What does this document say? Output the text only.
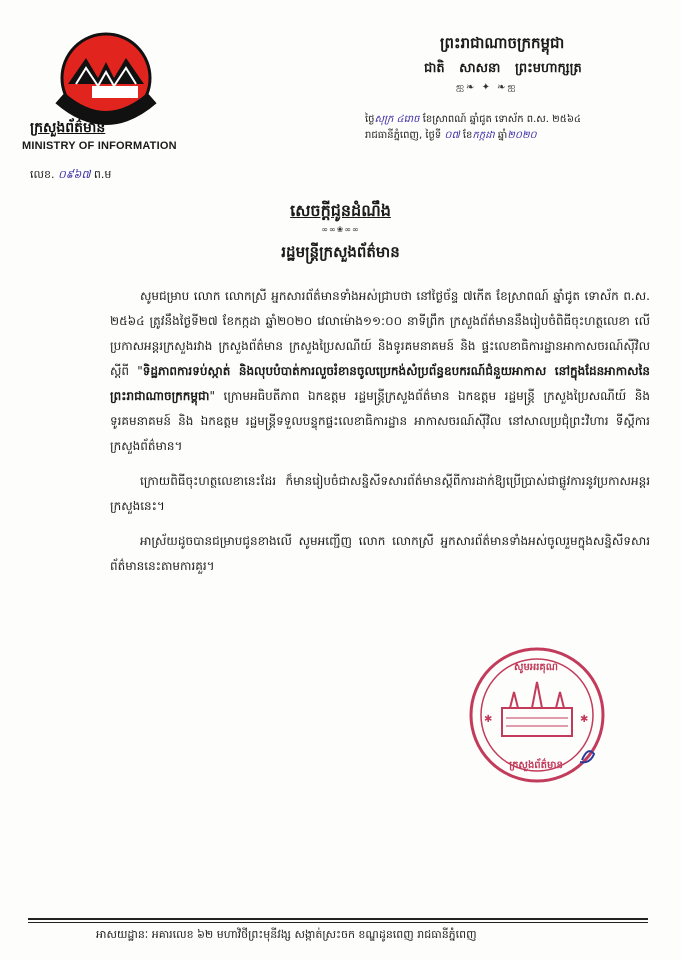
ក្រសួងព័ត៌មាន
MINISTRY OF INFORMATION
លេខ. ០៩៦៧ ព.ម
ព្រះរាជាណាចក្រកម្ពុជា
ជាតិ សាសនា ព្រះមហាក្សត្រ
ஐ❧ ✦ ❧ஐ
ថ្ងៃសុក្រ ៤រោច ខែស្រាពណ៍ ឆ្នាំជូត ទោស័ក ព.ស. ២៥៦៤
រាជធានីភ្នំពេញ, ថ្ងៃទី ០៧ ខែកក្កដា ឆ្នាំ២០២០
សេចក្ដីជូនដំណឹង
∞∞❀∞∞
រដ្ឋមន្ត្រីក្រសួងព័ត៌មាន

សូមជម្រាប លោក លោកស្រី អ្នកសារព័ត៌មានទាំងអស់ជ្រាបថា នៅថ្ងៃច័ន្ទ ៧កើត ខែស្រាពណ៍ ឆ្នាំជូត ទោស័ក ព.ស. ២៥៦៤ ត្រូវនឹងថ្ងៃទី២៧ ខែកក្កដា ឆ្នាំ២០២០ វេលាម៉ោង១១:០០ នាទីព្រឹក ក្រសួងព័ត៌មាននឹងរៀបចំពិធីចុះហត្ថលេខា លើប្រកាសអន្តរក្រសួងរវាង ក្រសួងព័ត៌មាន ក្រសួងប្រៃសណីយ៍ និងទូរគមនាគមន៍ និង ផ្ទះលេខាធិការដ្ឋានអាកាសចរណ៍ស៊ីវិល ស្ដីពី "ទិដ្ឋភាពការទប់ស្កាត់ និងលុបបំបាត់ការលួចរំខានចូលប្រេកង់សំប្រព័ន្ធឧបករណ៍ជំនួយអាកាស នៅក្នុងដែនអាកាសនៃព្រះរាជាណាចក្រកម្ពុជា" ក្រោមអធិបតីភាព ឯកឧត្ដម រដ្ឋមន្ត្រីក្រសួងព័ត៌មាន ឯកឧត្ដម រដ្ឋមន្ត្រី ក្រសួងប្រៃសណីយ៍ និងទូរគមនាគមន៍ និង ឯកឧត្ដម រដ្ឋមន្ត្រីទទួលបន្ទុកផ្ទះលេខាធិការដ្ឋាន អាកាសចរណ៍ស៊ីវិល នៅសាលប្រជុំព្រះវិហារ ទីស្ដីការក្រសួងព័ត៌មាន។

ក្រោយពិធីចុះហត្ថលេខានេះដែរ ក៏មានរៀបចំជាសន្និសីទសារព័ត៌មានស្ដីពីការដាក់ឱ្យប្រើប្រាស់ជាផ្លូវការនូវប្រកាសអន្តរក្រសួងនេះ។

អាស្រ័យដូចបានជម្រាបជូនខាងលើ សូមអញ្ជើញ លោក លោកស្រី អ្នកសារព័ត៌មានទាំងអស់ចូលរួមក្នុងសន្និសីទសារព័ត៌មាននេះតាមការគួរ។

✱	✱
សូមអរគុណ
ក្រសួងព័ត៌មាន
អាសយដ្ឋានៈ អគារលេខ ៦២ មហាវិថីព្រះមុនីវង្ស សង្កាត់ស្រះចក ខណ្ឌដូនពេញ រាជធានីភ្នំពេញ
